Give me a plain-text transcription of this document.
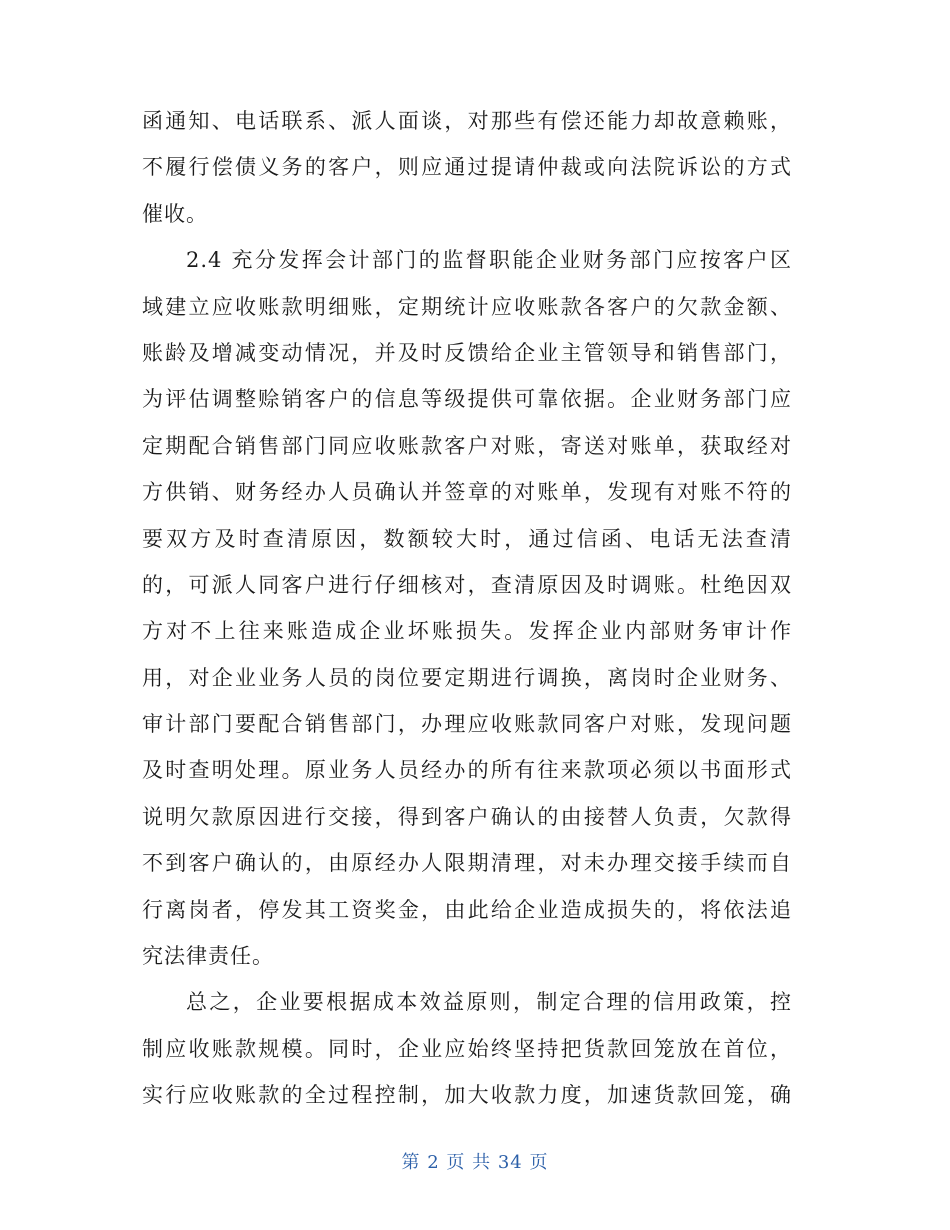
函通知、电话联系、派人面谈，对那些有偿还能力却故意赖账，
不履行偿债义务的客户，则应通过提请仲裁或向法院诉讼的方式
催收。
2.4 充分发挥会计部门的监督职能企业财务部门应按客户区
域建立应收账款明细账，定期统计应收账款各客户的欠款金额、
账龄及增减变动情况，并及时反馈给企业主管领导和销售部门，
为评估调整赊销客户的信息等级提供可靠依据。企业财务部门应
定期配合销售部门同应收账款客户对账，寄送对账单，获取经对
方供销、财务经办人员确认并签章的对账单，发现有对账不符的
要双方及时查清原因，数额较大时，通过信函、电话无法查清
的，可派人同客户进行仔细核对，查清原因及时调账。杜绝因双
方对不上往来账造成企业坏账损失。发挥企业内部财务审计作
用，对企业业务人员的岗位要定期进行调换，离岗时企业财务、
审计部门要配合销售部门，办理应收账款同客户对账，发现问题
及时查明处理。原业务人员经办的所有往来款项必须以书面形式
说明欠款原因进行交接，得到客户确认的由接替人负责，欠款得
不到客户确认的，由原经办人限期清理，对未办理交接手续而自
行离岗者，停发其工资奖金，由此给企业造成损失的，将依法追
究法律责任。
总之，企业要根据成本效益原则，制定合理的信用政策，控
制应收账款规模。同时，企业应始终坚持把货款回笼放在首位，
实行应收账款的全过程控制，加大收款力度，加速货款回笼，确
第 2 页 共 34 页
